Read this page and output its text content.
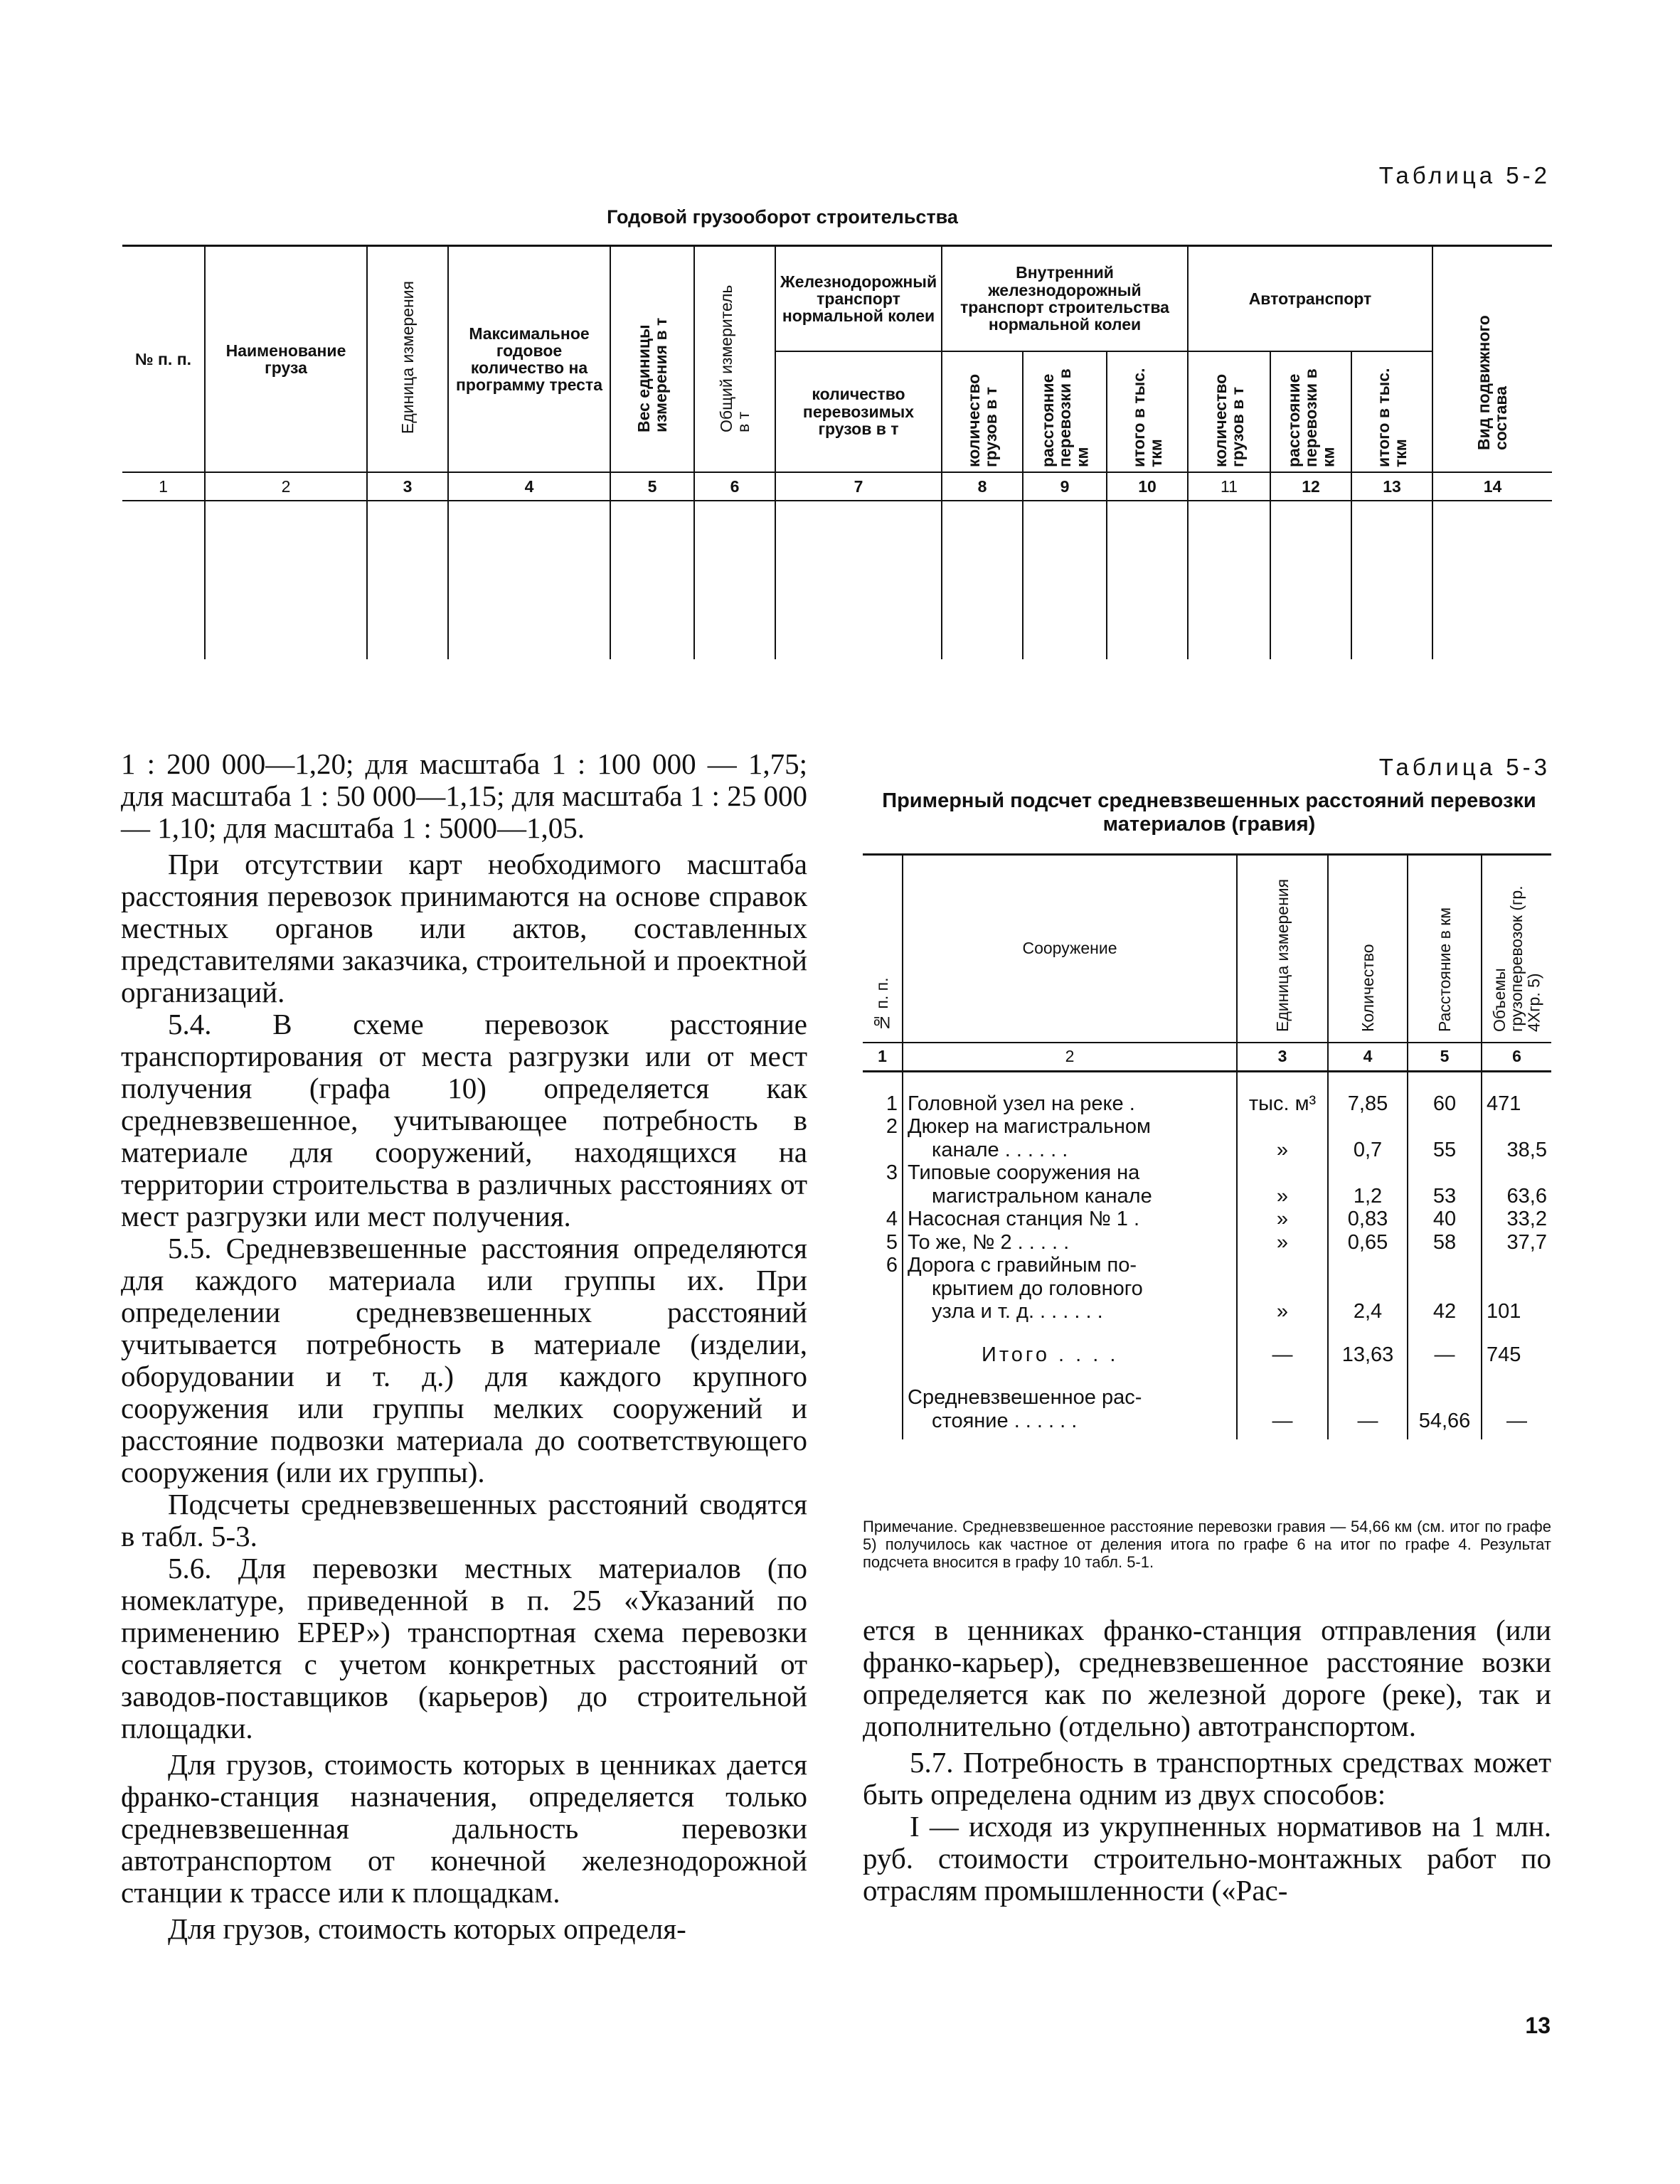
Таблица 5-2
Годовой грузооборот строительства
№ п. п.	Наименование груза	Единица измерения	Максимальное годовое количество на программу треста	Вес единицы измерения в т	Общий измеритель в т	Железнодорожный транспорт нормальной колеи	Внутренний железнодорожный транспорт строительства нормальной колеи			Автотранспорт			Вид подвижного состава
						количество перевозимых грузов в т	количество грузов в т	расстояние перевозки в км	итого в тыс. ткм	количество грузов в т	расстояние перевозки в км	итого в тыс. ткм	
1	2	3	4	5	6	7	8	9	10	11	12	13	14

1 : 200 000—1,20; для масштаба 1 : 100 000 — 1,75; для масштаба 1 : 50 000—1,15; для масштаба 1 : 25 000 — 1,10; для масштаба 1 : 5000—1,05.

При отсутствии карт необходимого масштаба расстояния перевозок принимаются на основе справок местных органов или актов, составленных представителями заказчика, строительной и проектной организаций.

5.4. В схеме перевозок расстояние транспортирования от места разгрузки или от мест получения (графа 10) определяется как средневзвешенное, учитывающее потребность в материале для сооружений, находящихся на территории строительства в различных расстояниях от мест разгрузки или мест получения.

5.5. Средневзвешенные расстояния определяются для каждого материала или группы их. При определении средневзвешенных расстояний учитывается потребность в материале (изделии, оборудовании и т. д.) для каждого крупного сооружения или группы мелких сооружений и расстояние подвозки материала до соответствующего сооружения (или их группы).

Подсчеты средневзвешенных расстояний сводятся в табл. 5-3.

5.6. Для перевозки местных материалов (по номеклатуре, приведенной в п. 25 «Указаний по применению ЕРЕР») транспортная схема перевозки составляется с учетом конкретных расстояний от заводов-поставщиков (карьеров) до строительной площадки.

Для грузов, стоимость которых в ценниках дается франко-станция назначения, определяется только средневзвешенная дальность перевозки автотранспортом от конечной железнодорожной станции к трассе или к площадкам.

Для грузов, стоимость которых определя-

Таблица 5-3
Примерный подсчет средневзвешенных расстояний перевозки материалов (гравия)
№ п. п.	Сооружение	Единица измерения	Количество	Расстояние в км	Объемы грузоперевозок (гр. 4Xгр. 5)
1	2	3	4	5	6

1	Головной узел на реке .	тыс. м³	7,85	60	471
2	Дюкер на магистральном
канале . . . . . .	»	0,7	55	38,5

3	Типовые сооружения на
магистральном канале	»	1,2	53	63,6

4	Насосная станция № 1 .	»	0,83	40	33,2
5	То же, № 2 . . . . .	»	0,65	58	37,7
6	Дорога с гравийным по-
крытием до головного
узла и т. д. . . . . . .	»	2,4	42	101

	Итого . . . .	—	13,63	—	745

	Средневзвешенное рас-
стояние . . . . . .	—	—	54,66	—
Примечание. Средневзвешенное расстояние перевозки гравия — 54,66 км (см. итог по графе 5) получилось как частное от деления итога по графе 6 на итог по графе 4. Результат подсчета вносится в графу 10 табл. 5-1.

ется в ценниках франко-станция отправления (или франко-карьер), средневзвешенное расстояние возки определяется как по железной дороге (реке), так и дополнительно (отдельно) автотранспортом.

5.7. Потребность в транспортных средствах может быть определена одним из двух способов:

I — исходя из укрупненных нормативов на 1 млн. руб. стоимости строительно-монтажных работ по отраслям промышленности («Рас-

13
